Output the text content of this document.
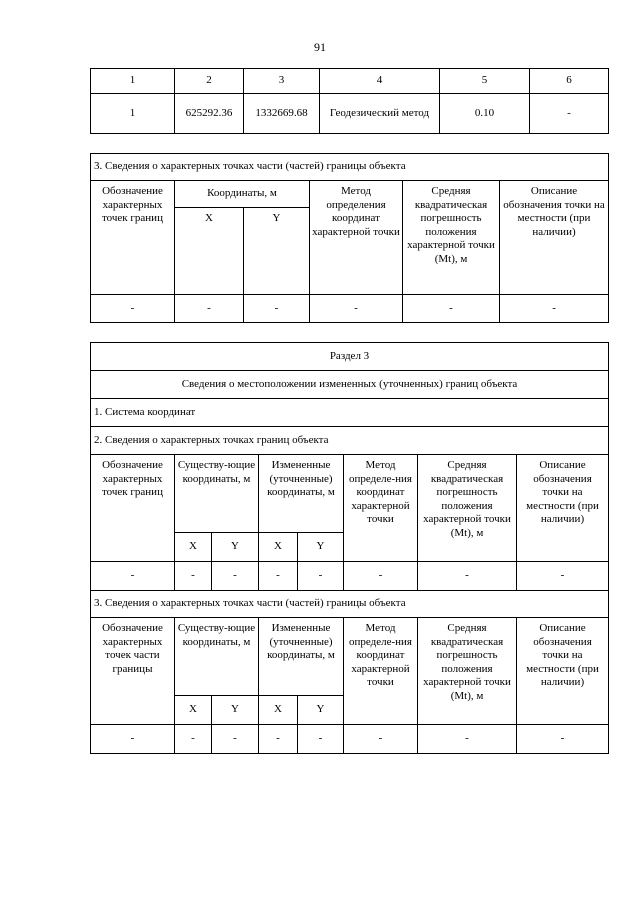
91
1	2	3	4	5	6
1	625292.36	1332669.68	Геодезический метод	0.10	-
3. Сведения о характерных точках части (частей) границы объекта					
Обозначение характерных точек границ	Координаты, м		Метод определения координат характерной точки	Средняя квадратическая погрешность положения характерной точки (Mt), м	Описание обозначения точки на местности (при наличии)
	X	Y			
-	-	-	-	-	-
Раздел 3							
Сведения о местоположении измененных (уточненных) границ объекта							
1. Система координат							
2. Сведения о характерных точках границ объекта							
Обозначение характерных точек границ	Существу-ющие координаты, м		Измененные (уточненные) координаты, м		Метод определе-ния координат характерной точки	Средняя квадратическая погрешность положения характерной точки (Mt), м	Описание обозначения точки на местности (при наличии)
	X	Y	X	Y			
-	-	-	-	-	-	-	-
3. Сведения о характерных точках части (частей) границы объекта							
Обозначение характерных точек части границы	Существу-ющие координаты, м		Измененные (уточненные) координаты, м		Метод определе-ния координат характерной точки	Средняя квадратическая погрешность положения характерной точки (Mt), м	Описание обозначения точки на местности (при наличии)
	X	Y	X	Y			
-	-	-	-	-	-	-	-
